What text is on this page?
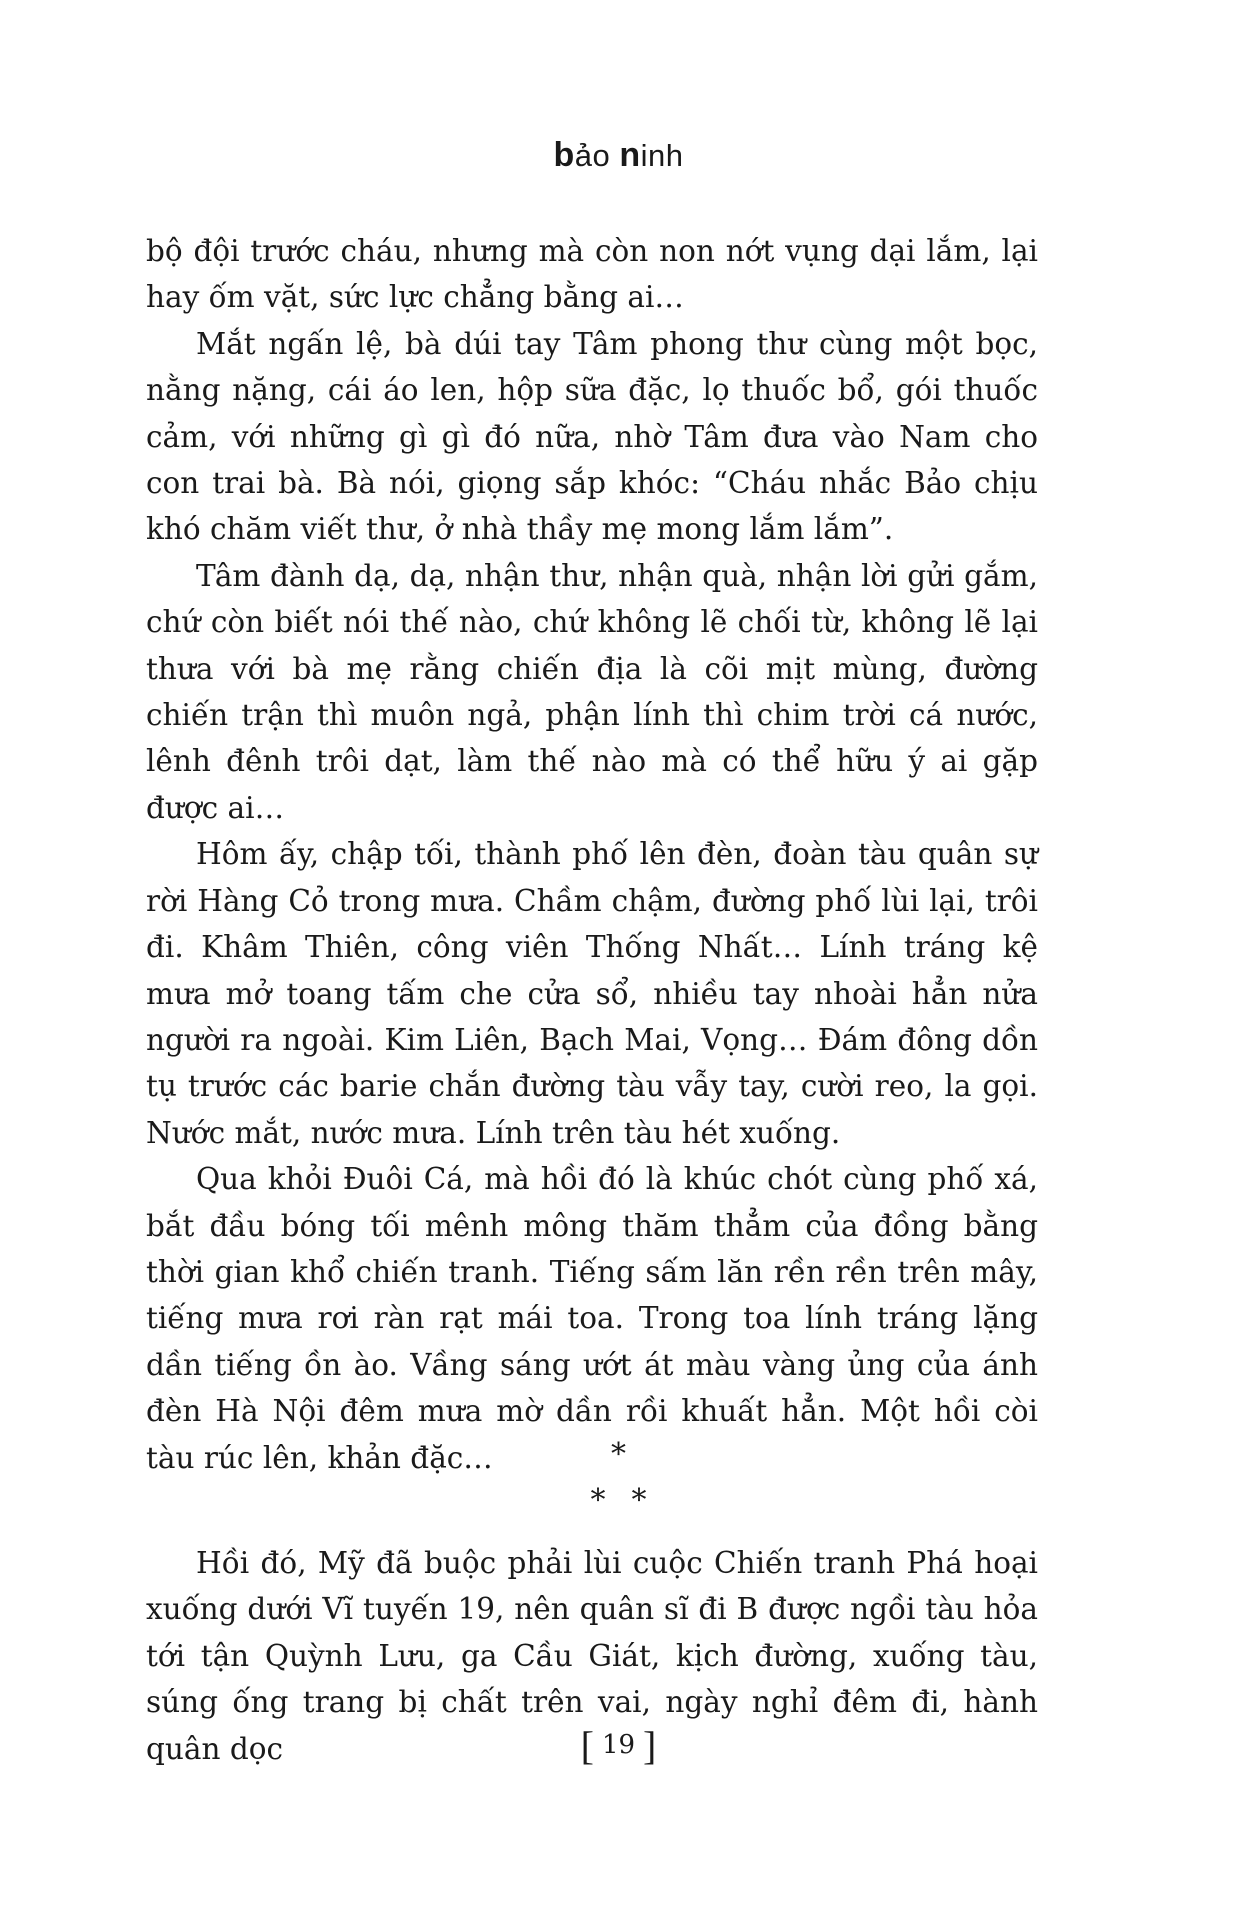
bảo ninh

bộ đội trước cháu, nhưng mà còn non nớt vụng dại lắm, lại hay ốm vặt, sức lực chẳng bằng ai…

Mắt ngấn lệ, bà dúi tay Tâm phong thư cùng một bọc, nằng nặng, cái áo len, hộp sữa đặc, lọ thuốc bổ, gói thuốc cảm, với những gì gì đó nữa, nhờ Tâm đưa vào Nam cho con trai bà. Bà nói, giọng sắp khóc: “Cháu nhắc Bảo chịu khó chăm viết thư, ở nhà thầy mẹ mong lắm lắm”.

Tâm đành dạ, dạ, nhận thư, nhận quà, nhận lời gửi gắm, chứ còn biết nói thế nào, chứ không lẽ chối từ, không lẽ lại thưa với bà mẹ rằng chiến địa là cõi mịt mùng, đường chiến trận thì muôn ngả, phận lính thì chim trời cá nước, lênh đênh trôi dạt, làm thế nào mà có thể hữu ý ai gặp được ai…

Hôm ấy, chập tối, thành phố lên đèn, đoàn tàu quân sự rời Hàng Cỏ trong mưa. Chầm chậm, đường phố lùi lại, trôi đi. Khâm Thiên, công viên Thống Nhất… Lính tráng kệ mưa mở toang tấm che cửa sổ, nhiều tay nhoài hẳn nửa người ra ngoài. Kim Liên, Bạch Mai, Vọng… Đám đông dồn tụ trước các barie chắn đường tàu vẫy tay, cười reo, la gọi. Nước mắt, nước mưa. Lính trên tàu hét xuống.

Qua khỏi Đuôi Cá, mà hồi đó là khúc chót cùng phố xá, bắt đầu bóng tối mênh mông thăm thẳm của đồng bằng thời gian khổ chiến tranh. Tiếng sấm lăn rền rền trên mây, tiếng mưa rơi ràn rạt mái toa. Trong toa lính tráng lặng dần tiếng ồn ào. Vầng sáng ướt át màu vàng ủng của ánh đèn Hà Nội đêm mưa mờ dần rồi khuất hẳn. Một hồi còi tàu rúc lên, khản đặc…	*
* *

Hồi đó, Mỹ đã buộc phải lùi cuộc Chiến tranh Phá hoại xuống dưới Vĩ tuyến 19, nên quân sĩ đi B được ngồi tàu hỏa tới tận Quỳnh Lưu, ga Cầu Giát, kịch đường, xuống tàu, súng ống trang bị chất trên vai, ngày nghỉ đêm đi, hành quân dọc	[ 19 ]
